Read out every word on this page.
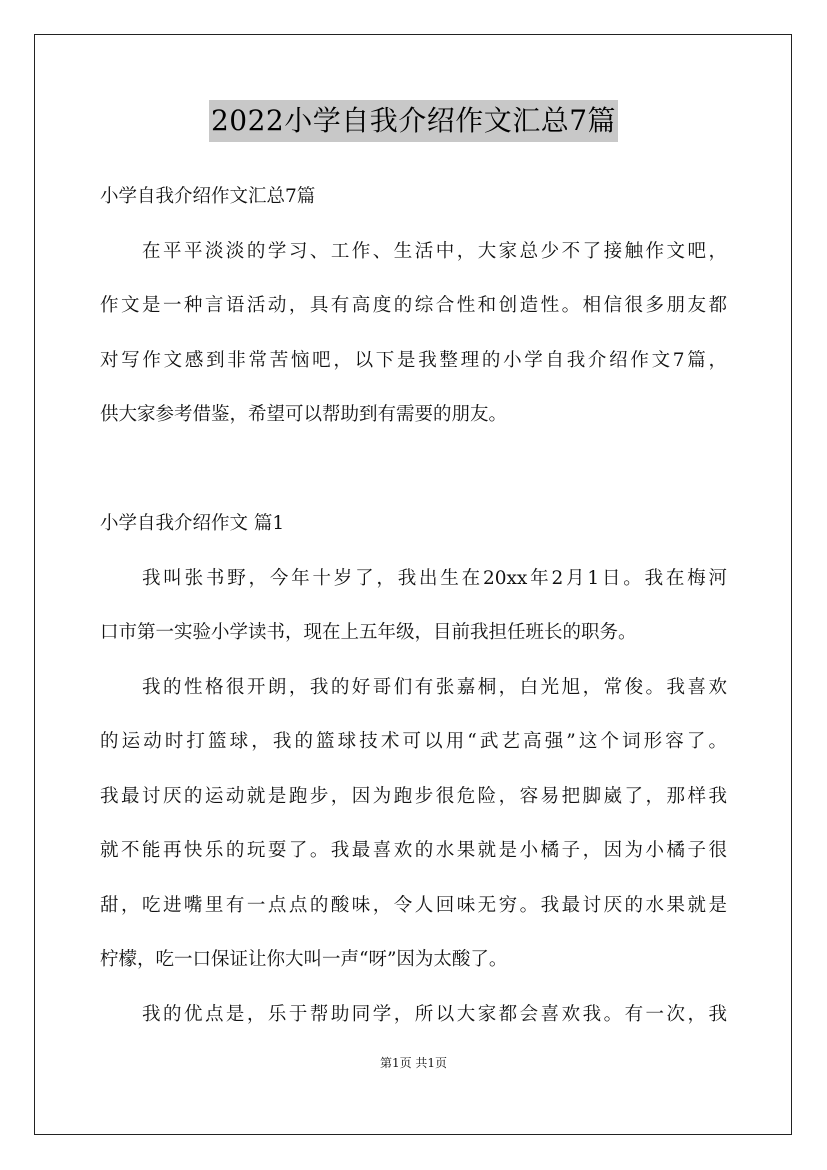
2022小学自我介绍作文汇总7篇
小学自我介绍作文汇总7篇
在平平淡淡的学习、工作、生活中，大家总少不了接触作文吧，
作文是一种言语活动，具有高度的综合性和创造性。相信很多朋友都
对写作文感到非常苦恼吧，以下是我整理的小学自我介绍作文7篇，
供大家参考借鉴，希望可以帮助到有需要的朋友。
小学自我介绍作文 篇1
我叫张书野，今年十岁了，我出生在20xx年2月1日。我在梅河
口市第一实验小学读书，现在上五年级，目前我担任班长的职务。
我的性格很开朗，我的好哥们有张嘉桐，白光旭，常俊。我喜欢
的运动时打篮球，我的篮球技术可以用“武艺高强”这个词形容了。
我最讨厌的运动就是跑步，因为跑步很危险，容易把脚崴了，那样我
就不能再快乐的玩耍了。我最喜欢的水果就是小橘子，因为小橘子很
甜，吃进嘴里有一点点的酸味，令人回味无穷。我最讨厌的水果就是
柠檬，吃一口保证让你大叫一声“呀”因为太酸了。
我的优点是，乐于帮助同学，所以大家都会喜欢我。有一次，我
第1页 共1页
